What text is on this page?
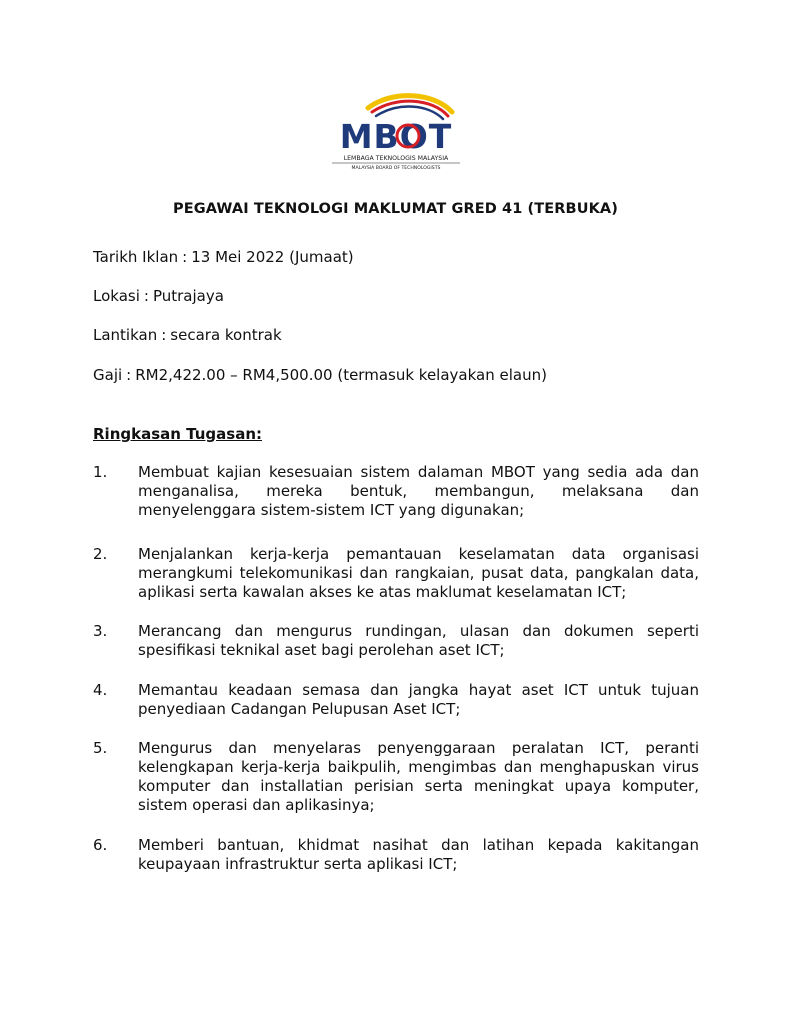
MBOT
LEMBAGA TEKNOLOGIS MALAYSIA
MALAYSIA BOARD OF TECHNOLOGISTS
PEGAWAI TEKNOLOGI MAKLUMAT GRED 41 (TERBUKA)

Tarikh Iklan : 13 Mei 2022 (Jumaat)

Lokasi : Putrajaya

Lantikan : secara kontrak

Gaji : RM2,422.00 – RM4,500.00 (termasuk kelayakan elaun)

Ringkasan Tugasan:
1.	Membuat kajian kesesuaian sistem dalaman MBOT yang sedia ada dan menganalisa, mereka bentuk, membangun, melaksana dan menyelenggara sistem-sistem ICT yang digunakan;
2.	Menjalankan kerja-kerja pemantauan keselamatan data organisasi merangkumi telekomunikasi dan rangkaian, pusat data, pangkalan data, aplikasi serta kawalan akses ke atas maklumat keselamatan ICT;
3.	Merancang dan mengurus rundingan, ulasan dan dokumen seperti spesifikasi teknikal aset bagi perolehan aset ICT;
4.	Memantau keadaan semasa dan jangka hayat aset ICT untuk tujuan penyediaan Cadangan Pelupusan Aset ICT;
5.	Mengurus dan menyelaras penyenggaraan peralatan ICT, peranti kelengkapan kerja-kerja baikpulih, mengimbas dan menghapuskan virus komputer dan installatian perisian serta meningkat upaya komputer, sistem operasi dan aplikasinya;
6.	Memberi bantuan, khidmat nasihat dan latihan kepada kakitangan keupayaan infrastruktur serta aplikasi ICT;
